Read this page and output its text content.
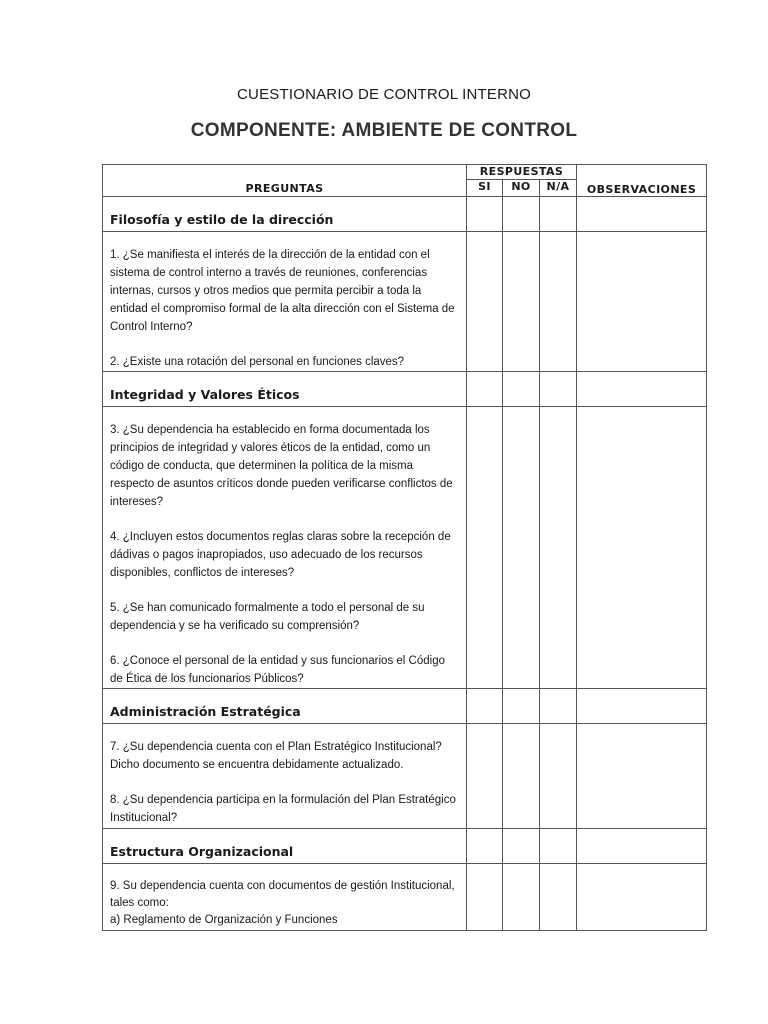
CUESTIONARIO DE CONTROL INTERNO
COMPONENTE: AMBIENTE DE CONTROL
PREGUNTAS	RESPUESTAS			OBSERVACIONES
	SI	NO	N/A	
Filosofía y estilo de la dirección				

1. ¿Se manifiesta el interés de la dirección de la entidad con el sistema de control interno a través de reuniones, conferencias internas, cursos y otros medios que permita percibir a toda la entidad el compromiso formal de la alta dirección con el Sistema de Control Interno?

2. ¿Existe una rotación del personal en funciones claves?				

Integridad y Valores Éticos				

3. ¿Su dependencia ha establecido en forma documentada los principios de integridad y valores éticos de la entidad, como un código de conducta, que determinen la política de la misma respecto de asuntos críticos donde pueden verificarse conflictos de intereses?

4. ¿Incluyen estos documentos reglas claras sobre la recepción de dádivas o pagos inapropiados, uso adecuado de los recursos disponibles, conflictos de intereses?

5. ¿Se han comunicado formalmente a todo el personal de su dependencia y se ha verificado su comprensión?

6. ¿Conoce el personal de la entidad y sus funcionarios el Código de Ética de los funcionarios Públicos?				

Administración Estratégica				

7. ¿Su dependencia cuenta con el Plan Estratégico Institucional? Dicho documento se encuentra debidamente actualizado.

8. ¿Su dependencia participa en la formulación del Plan Estratégico Institucional?				

Estructura Organizacional				

9. Su dependencia cuenta con documentos de gestión Institucional, tales como:
a) Reglamento de Organización y Funciones				
